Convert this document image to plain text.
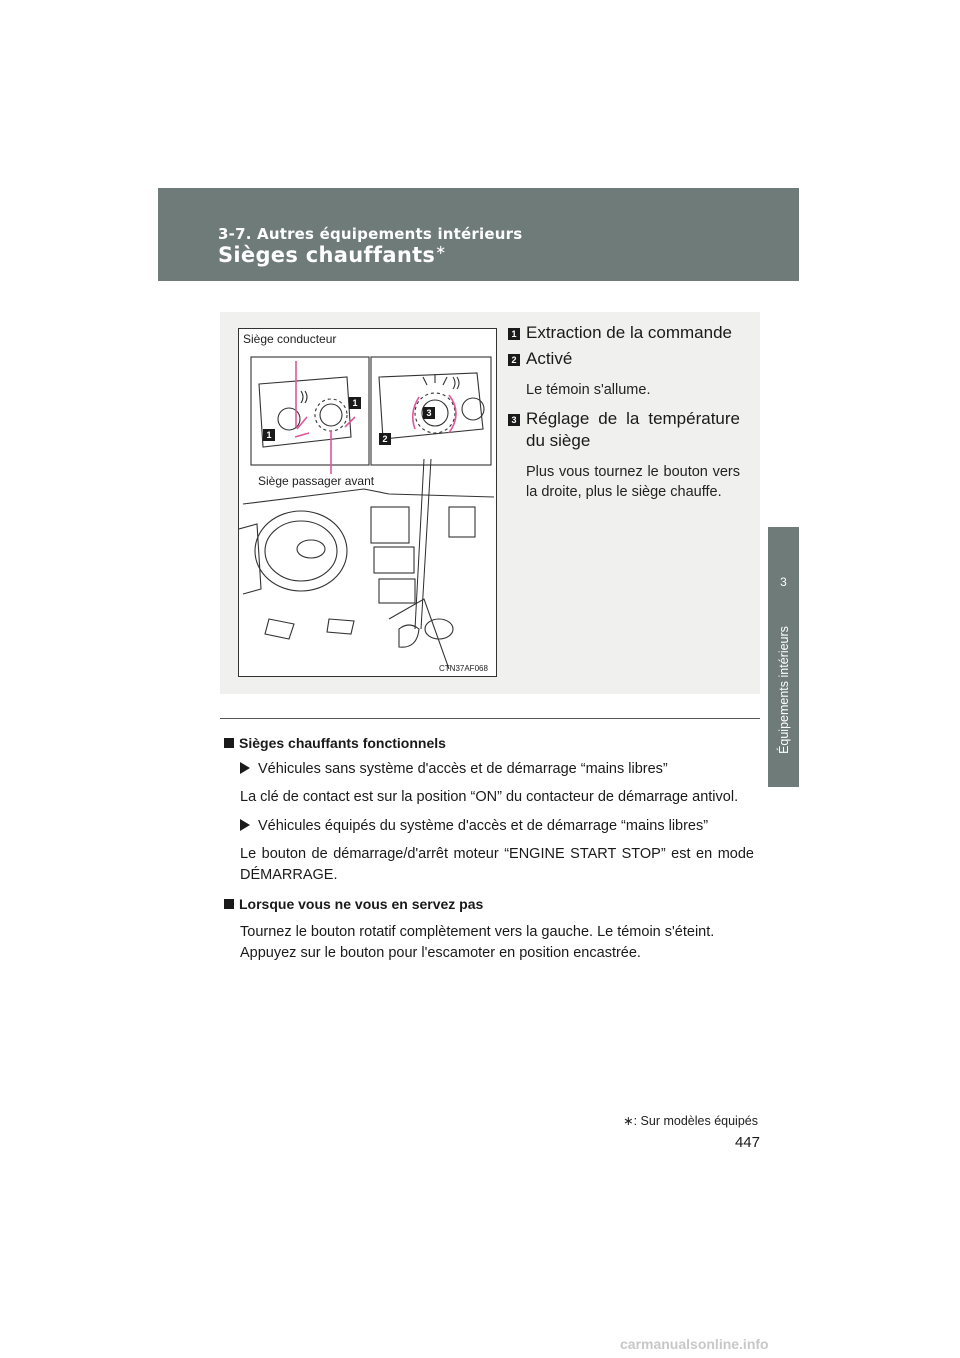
3-7. Autres équipements intérieurs
Sièges chauffants∗
3
Équipements intérieurs
1
1
2
3
Siège conducteur
Siège passager avant
CTN37AF068
1 Extraction de la commande
2 Activé
Le témoin s'allume.
3 Réglage de la température du siège
Plus vous tournez le bouton vers la droite, plus le siège chauffe.
Sièges chauffants fonctionnels
Véhicules sans système d'accès et de démarrage “mains libres”
La clé de contact est sur la position “ON” du contacteur de démarrage antivol.
Véhicules équipés du système d'accès et de démarrage “mains libres”
Le bouton de démarrage/d'arrêt moteur “ENGINE START STOP” est en mode DÉMARRAGE.
Lorsque vous ne vous en servez pas
Tournez le bouton rotatif complètement vers la gauche. Le témoin s'éteint.
Appuyez sur le bouton pour l'escamoter en position encastrée.
∗: Sur modèles équipés
447
carmanualsonline.info
